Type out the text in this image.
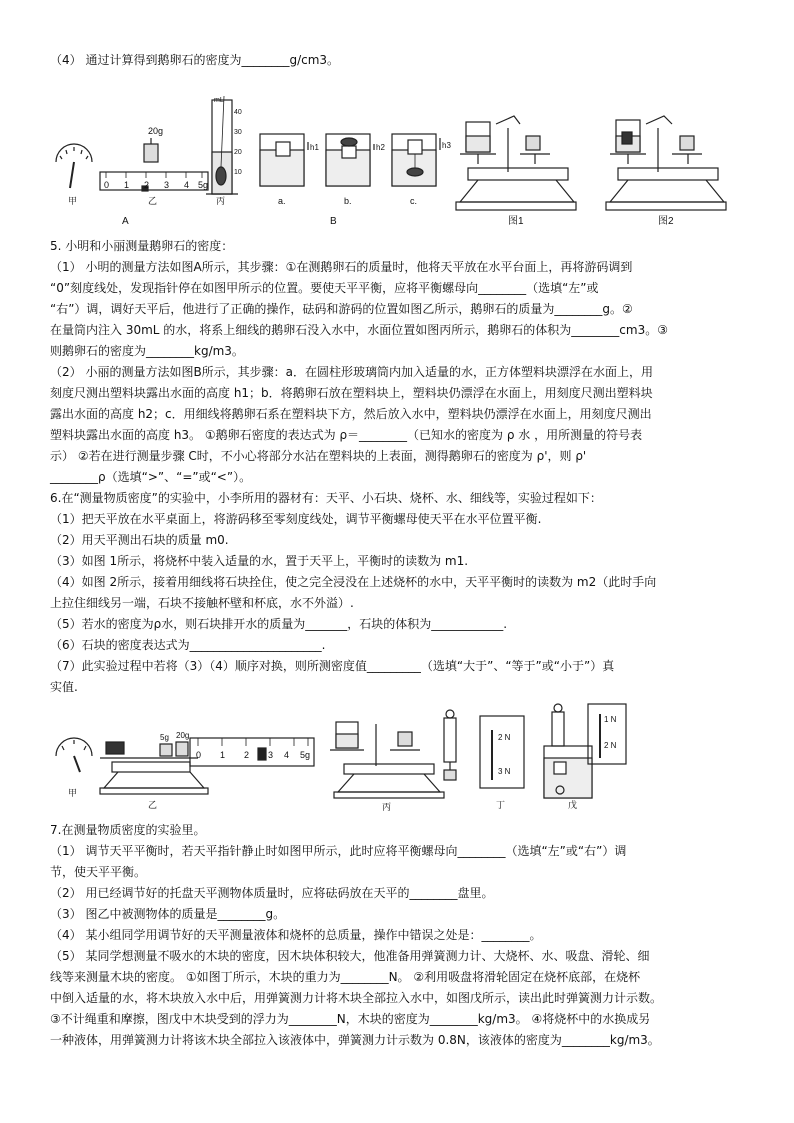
（4） 通过计算得到鹅卵石的密度为________g/cm3。
20g
0 1 2 3 4 5g
mL
40
30
20
10
甲	乙	丙
A
a.	b.	c.
B
h1	h2	h3
图1	图2
5. 小明和小丽测量鹅卵石的密度：
（1） 小明的测量方法如图A所示，其步骤：①在测鹅卵石的质量时，他将天平放在水平台面上，再将游码调到
“0”刻度线处，发现指针停在如图甲所示的位置。要使天平平衡，应将平衡螺母向________（选填“左”或
“右”）调，调好天平后，他进行了正确的操作，砝码和游码的位置如图乙所示，鹅卵石的质量为________g。②
在量筒内注入 30mL 的水，将系上细线的鹅卵石没入水中，水面位置如图丙所示，鹅卵石的体积为________cm3。③
则鹅卵石的密度为________kg/m3。
（2） 小丽的测量方法如图B所示，其步骤：a．在圆柱形玻璃筒内加入适量的水，正方体塑料块漂浮在水面上，用
刻度尺测出塑料块露出水面的高度 h1；b．将鹅卵石放在塑料块上，塑料块仍漂浮在水面上，用刻度尺测出塑料块
露出水面的高度 h2；c．用细线将鹅卵石系在塑料块下方，然后放入水中，塑料块仍漂浮在水面上，用刻度尺测出
塑料块露出水面的高度 h3。 ①鹅卵石密度的表达式为 ρ＝________（已知水的密度为 ρ 水 ，用所测量的符号表
示） ②若在进行测量步骤 C时，不小心将部分水沾在塑料块的上表面，测得鹅卵石的密度为 ρ'，则 ρ'
________ρ（选填“>”、“=”或“<”）。
6.在“测量物质密度”的实验中，小李所用的器材有：天平、小石块、烧杯、水、细线等，实验过程如下：
（1）把天平放在水平桌面上，将游码移至零刻度线处，调节平衡螺母使天平在水平位置平衡.
（2）用天平测出石块的质量 m0.
（3）如图 1所示，将烧杯中装入适量的水，置于天平上，平衡时的读数为 m1.
（4）如图 2所示，接着用细线将石块拴住，使之完全浸没在上述烧杯的水中，天平平衡时的读数为 m2（此时手向
上拉住细线另一端，石块不接触杯壁和杯底，水不外溢）.
（5）若水的密度为ρ水，则石块排开水的质量为_______，石块的体积为____________.
（6）石块的密度表达式为______________________.
（7）此实验过程中若将（3）（4）顺序对换，则所测密度值_________（选填“大于”、“等于”或“小于”）真
实值.
甲
乙
5g 20g
0 1 2 3 4 5g
丙
2 N
3 N
丁
1 N
2 N
戊
7.在测量物质密度的实验里。
（1） 调节天平平衡时，若天平指针静止时如图甲所示，此时应将平衡螺母向________（选填“左”或“右”）调
节，使天平平衡。
（2） 用已经调节好的托盘天平测物体质量时，应将砝码放在天平的________盘里。
（3） 图乙中被测物体的质量是________g。
（4） 某小组同学用调节好的天平测量液体和烧杯的总质量，操作中错误之处是：________。
（5） 某同学想测量不吸水的木块的密度，因木块体积较大，他准备用弹簧测力计、大烧杯、水、吸盘、滑轮、细
线等来测量木块的密度。 ①如图丁所示，木块的重力为________N。 ②利用吸盘将滑轮固定在烧杯底部，在烧杯
中倒入适量的水，将木块放入水中后，用弹簧测力计将木块全部拉入水中，如图戊所示，读出此时弹簧测力计示数。
③不计绳重和摩擦，图戊中木块受到的浮力为________N，木块的密度为________kg/m3。 ④将烧杯中的水换成另
一种液体，用弹簧测力计将该木块全部拉入该液体中，弹簧测力计示数为 0.8N，该液体的密度为________kg/m3。
